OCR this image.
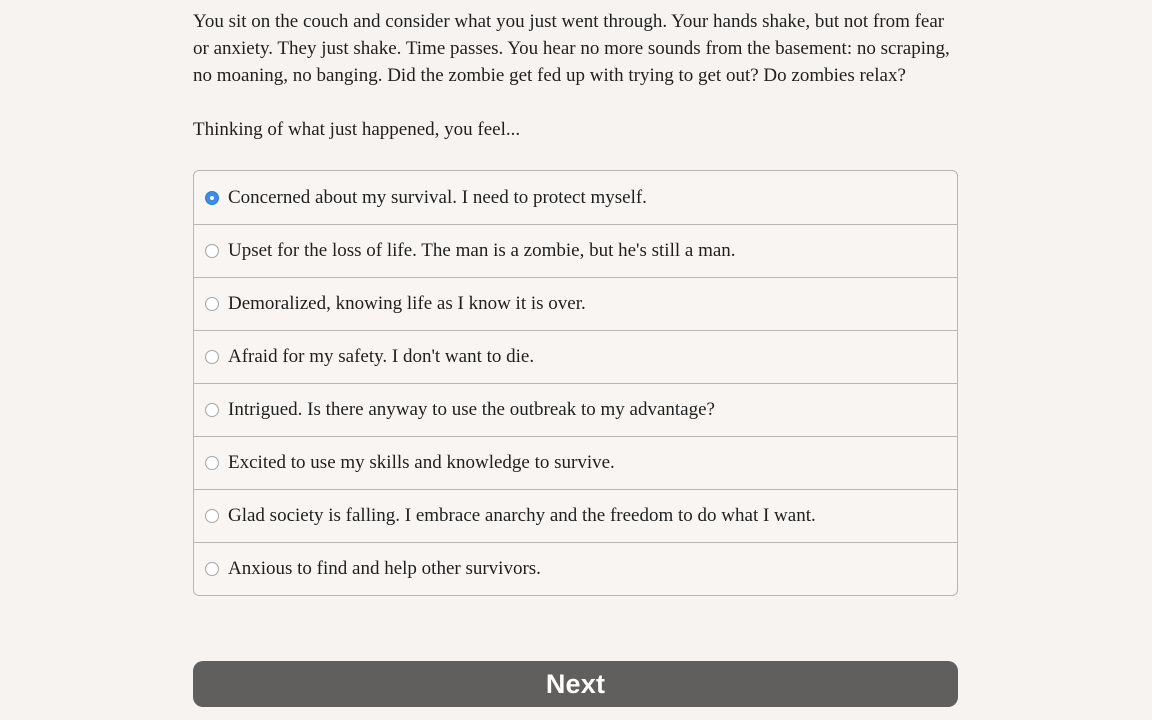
You sit on the couch and consider what you just went through. Your hands shake, but not from fear or anxiety. They just shake. Time passes. You hear no more sounds from the basement: no scraping, no moaning, no banging. Did the zombie get fed up with trying to get out? Do zombies relax?

Thinking of what just happened, you feel...

Concerned about my survival. I need to protect myself.
Upset for the loss of life. The man is a zombie, but he's still a man.
Demoralized, knowing life as I know it is over.
Afraid for my safety. I don't want to die.
Intrigued. Is there anyway to use the outbreak to my advantage?
Excited to use my skills and knowledge to survive.
Glad society is falling. I embrace anarchy and the freedom to do what I want.
Anxious to find and help other survivors.
Next
